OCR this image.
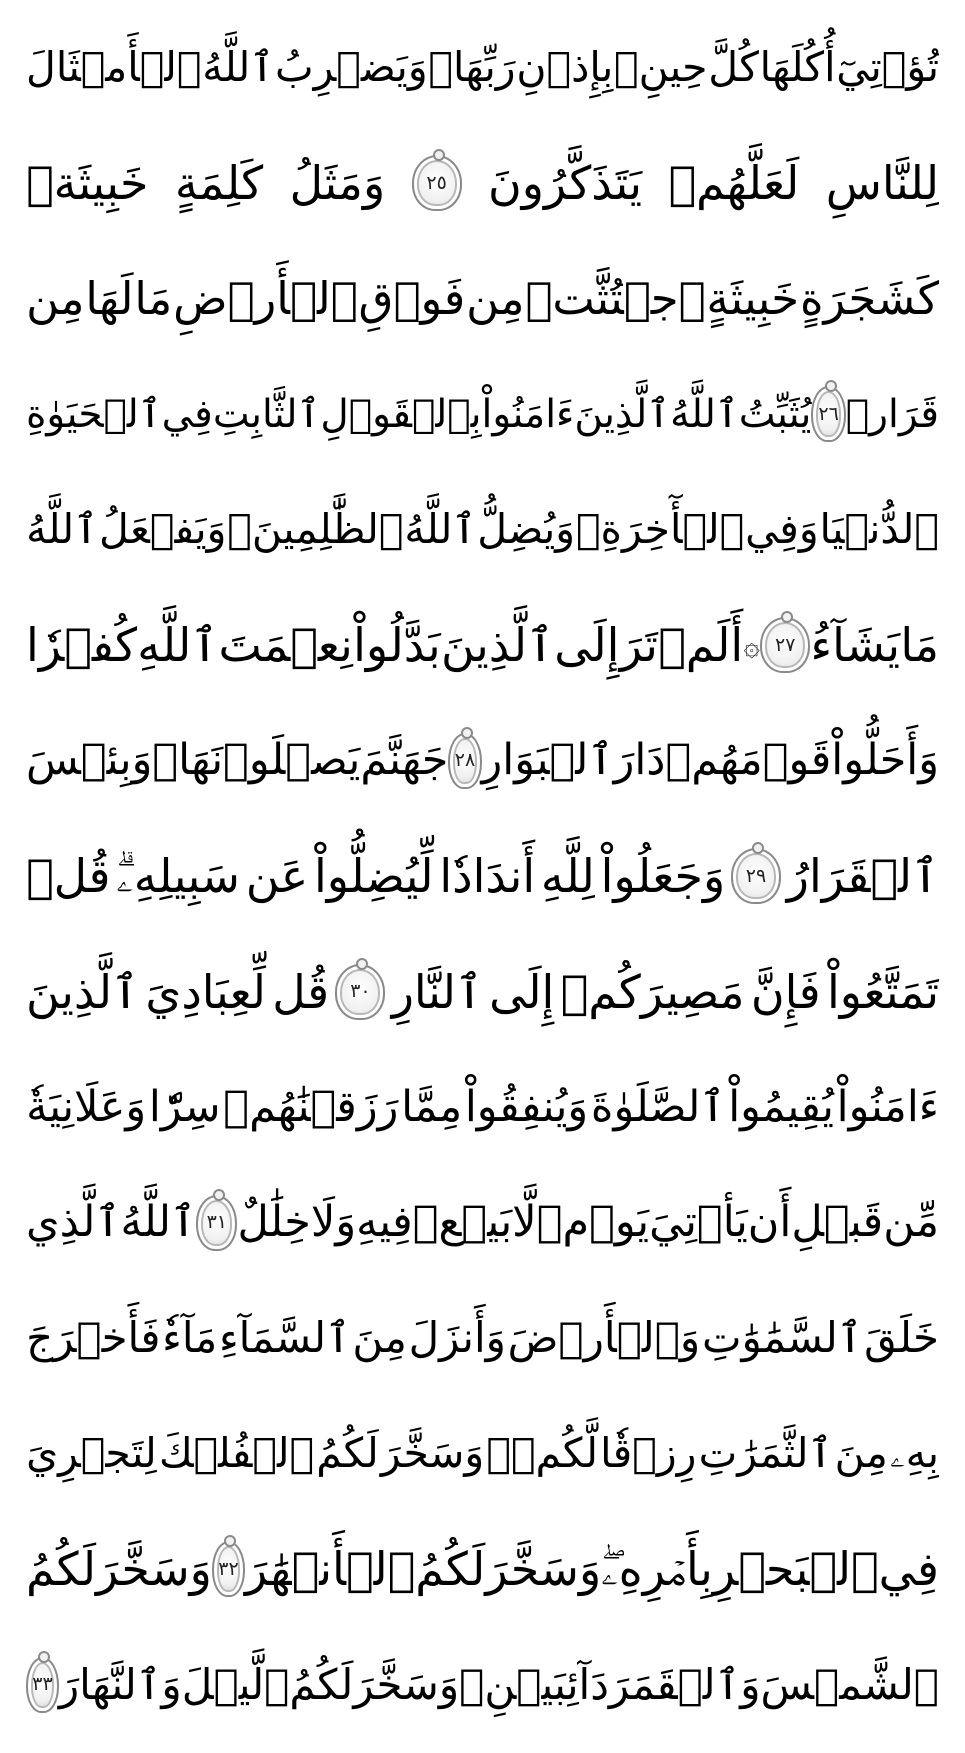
تُؤۡتِيٓ
أُكُلَهَا
كُلَّ
حِينِۭ
بِإِذۡنِ
رَبِّهَاۗ
وَيَضۡرِبُ
ٱللَّهُ
ٱلۡأَمۡثَالَ
لِلنَّاسِ
لَعَلَّهُمۡ
يَتَذَكَّرُونَ
٢٥
وَمَثَلُ
كَلِمَةٍ
خَبِيثَةٖ
كَشَجَرَةٍ
خَبِيثَةٍ
ٱجۡتُثَّتۡ
مِن
فَوۡقِ
ٱلۡأَرۡضِ
مَا
لَهَا
مِن
قَرَارٖ
٢٦
يُثَبِّتُ
ٱللَّهُ
ٱلَّذِينَ
ءَامَنُواْ
بِٱلۡقَوۡلِ
ٱلثَّابِتِ
فِي
ٱلۡحَيَوٰةِ
ٱلدُّنۡيَا
وَفِي
ٱلۡأٓخِرَةِۖ
وَيُضِلُّ
ٱللَّهُ
ٱلظَّٰلِمِينَۚ
وَيَفۡعَلُ
ٱللَّهُ
مَا
يَشَآءُ
٢٧
۞
أَلَمۡ
تَرَ
إِلَى
ٱلَّذِينَ
بَدَّلُواْ
نِعۡمَتَ
ٱللَّهِ
كُفۡرٗا
وَأَحَلُّواْ
قَوۡمَهُمۡ
دَارَ
ٱلۡبَوَارِ
٢٨
جَهَنَّمَ
يَصۡلَوۡنَهَاۖ
وَبِئۡسَ
ٱلۡقَرَارُ
٢٩
وَجَعَلُواْ
لِلَّهِ
أَندَادٗا
لِّيُضِلُّواْ
عَن
سَبِيلِهِۦۗ
قُلۡ
تَمَتَّعُواْ
فَإِنَّ
مَصِيرَكُمۡ
إِلَى
ٱلنَّارِ
٣٠
قُل
لِّعِبَادِيَ
ٱلَّذِينَ
ءَامَنُواْ
يُقِيمُواْ
ٱلصَّلَوٰةَ
وَيُنفِقُواْ
مِمَّا
رَزَقۡنَٰهُمۡ
سِرّٗا
وَعَلَانِيَةٗ
مِّن
قَبۡلِ
أَن
يَأۡتِيَ
يَوۡمٞ
لَّا
بَيۡعٞ
فِيهِ
وَلَا
خِلَٰلٌ
٣١
ٱللَّهُ
ٱلَّذِي
خَلَقَ
ٱلسَّمَٰوَٰتِ
وَٱلۡأَرۡضَ
وَأَنزَلَ
مِنَ
ٱلسَّمَآءِ
مَآءٗ
فَأَخۡرَجَ
بِهِۦ
مِنَ
ٱلثَّمَرَٰتِ
رِزۡقٗا
لَّكُمۡۖ
وَسَخَّرَ
لَكُمُ
ٱلۡفُلۡكَ
لِتَجۡرِيَ
فِي
ٱلۡبَحۡرِ
بِأَمۡرِهِۦۖ
وَسَخَّرَ
لَكُمُ
ٱلۡأَنۡهَٰرَ
٣٢
وَسَخَّرَ
لَكُمُ
ٱلشَّمۡسَ
وَٱلۡقَمَرَ
دَآئِبَيۡنِۖ
وَسَخَّرَ
لَكُمُ
ٱلَّيۡلَ
وَٱلنَّهَارَ
٣٣
